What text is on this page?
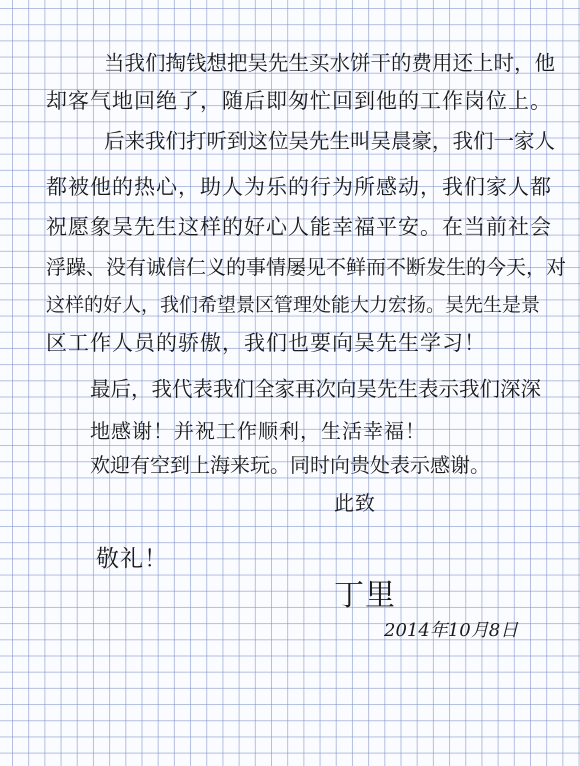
当我们掏钱想把吴先生买水饼干的费用还上时，他
却客气地回绝了，随后即匆忙回到他的工作岗位上。
后来我们打听到这位吴先生叫吴晨豪，我们一家人
都被他的热心，助人为乐的行为所感动，我们家人都
祝愿象吴先生这样的好心人能幸福平安。在当前社会
浮躁、没有诚信仁义的事情屡见不鲜而不断发生的今天，对
这样的好人，我们希望景区管理处能大力宏扬。吴先生是景
区工作人员的骄傲，我们也要向吴先生学习！
最后，我代表我们全家再次向吴先生表示我们深深
地感谢！并祝工作顺利，生活幸福！
欢迎有空到上海来玩。同时向贵处表示感谢。
此致
敬礼！
丁里
2014年10月8日
